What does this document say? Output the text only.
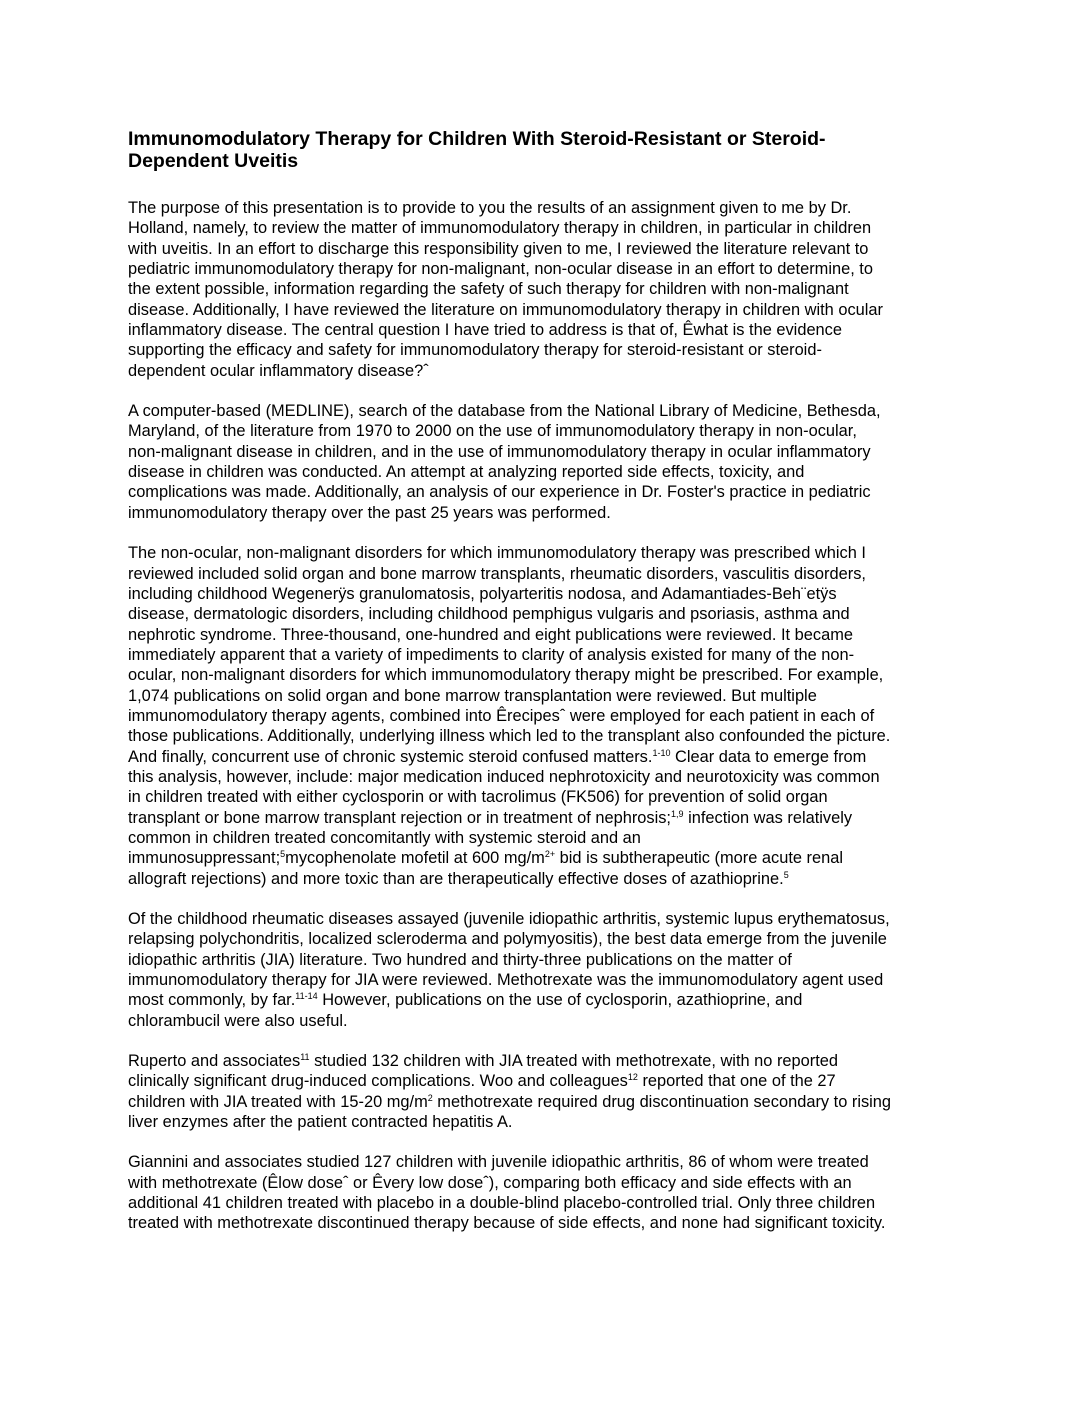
Immunomodulatory Therapy for Children With Steroid-Resistant or Steroid-
Dependent Uveitis

The purpose of this presentation is to provide to you the results of an assignment given to me by Dr.
Holland, namely, to review the matter of immunomodulatory therapy in children, in particular in children
with uveitis. In an effort to discharge this responsibility given to me, I reviewed the literature relevant to
pediatric immunomodulatory therapy for non-malignant, non-ocular disease in an effort to determine, to
the extent possible, information regarding the safety of such therapy for children with non-malignant
disease. Additionally, I have reviewed the literature on immunomodulatory therapy in children with ocular
inflammatory disease. The central question I have tried to address is that of, Êwhat is the evidence
supporting the efficacy and safety for immunomodulatory therapy for steroid-resistant or steroid-
dependent ocular inflammatory disease?ˆ

A computer-based (MEDLINE), search of the database from the National Library of Medicine, Bethesda,
Maryland, of the literature from 1970 to 2000 on the use of immunomodulatory therapy in non-ocular,
non-malignant disease in children, and in the use of immunomodulatory therapy in ocular inflammatory
disease in children was conducted. An attempt at analyzing reported side effects, toxicity, and
complications was made. Additionally, an analysis of our experience in Dr. Foster's practice in pediatric
immunomodulatory therapy over the past 25 years was performed.

The non-ocular, non-malignant disorders for which immunomodulatory therapy was prescribed which I
reviewed included solid organ and bone marrow transplants, rheumatic disorders, vasculitis disorders,
including childhood Wegenerÿs granulomatosis, polyarteritis nodosa, and Adamantiades-Beh¨etÿs
disease, dermatologic disorders, including childhood pemphigus vulgaris and psoriasis, asthma and
nephrotic syndrome. Three-thousand, one-hundred and eight publications were reviewed. It became
immediately apparent that a variety of impediments to clarity of analysis existed for many of the non-
ocular, non-malignant disorders for which immunomodulatory therapy might be prescribed. For example,
1,074 publications on solid organ and bone marrow transplantation were reviewed. But multiple
immunomodulatory therapy agents, combined into Êrecipesˆ were employed for each patient in each of
those publications. Additionally, underlying illness which led to the transplant also confounded the picture.
And finally, concurrent use of chronic systemic steroid confused matters.$^{1-10}$ Clear data to emerge from
this analysis, however, include: major medication induced nephrotoxicity and neurotoxicity was common
in children treated with either cyclosporin or with tacrolimus (FK506) for prevention of solid organ
transplant or bone marrow transplant rejection or in treatment of nephrosis;$^{1,9}$ infection was relatively
common in children treated concomitantly with systemic steroid and an
immunosuppressant;$^5$mycophenolate mofetil at 600 $mg/m^{2+}$ bid is subtherapeutic (more acute renal
allograft rejections) and more toxic than are therapeutically effective doses of azathioprine.$^5$

Of the childhood rheumatic diseases assayed (juvenile idiopathic arthritis, systemic lupus erythematosus,
relapsing polychondritis, localized scleroderma and polymyositis), the best data emerge from the juvenile
idiopathic arthritis (JIA) literature. Two hundred and thirty-three publications on the matter of
immunomodulatory therapy for JIA were reviewed. Methotrexate was the immunomodulatory agent used
most commonly, by far.$^{11-14}$ However, publications on the use of cyclosporin, azathioprine, and
chlorambucil were also useful.

Ruperto and associates$^{11}$ studied 132 children with JIA treated with methotrexate, with no reported
clinically significant drug-induced complications. Woo and colleagues$^{12}$ reported that one of the 27
children with JIA treated with 15-20 $mg/m^2$ methotrexate required drug discontinuation secondary to rising
liver enzymes after the patient contracted hepatitis A.

Giannini and associates studied 127 children with juvenile idiopathic arthritis, 86 of whom were treated
with methotrexate (Êlow doseˆ or Êvery low doseˆ), comparing both efficacy and side effects with an
additional 41 children treated with placebo in a double-blind placebo-controlled trial. Only three children
treated with methotrexate discontinued therapy because of side effects, and none had significant toxicity.
